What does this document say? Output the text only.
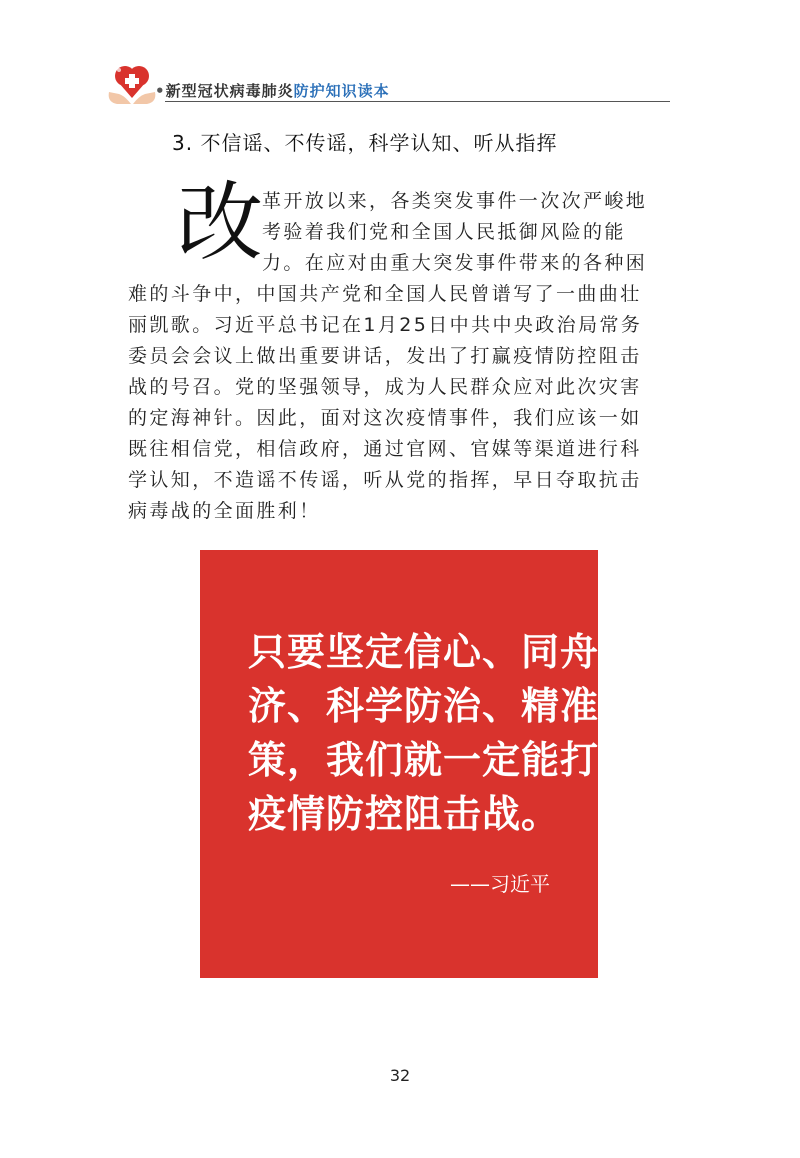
•新型冠状病毒肺炎防护知识读本
3. 不信谣、不传谣，科学认知、听从指挥
改 革开放以来，各类突发事件一次次严峻地
考验着我们党和全国人民抵御风险的能
力。在应对由重大突发事件带来的各种困
难的斗争中，中国共产党和全国人民曾谱写了一曲曲壮
丽凯歌。习近平总书记在1月25日中共中央政治局常务
委员会会议上做出重要讲话，发出了打赢疫情防控阻击
战的号召。党的坚强领导，成为人民群众应对此次灾害
的定海神针。因此，面对这次疫情事件，我们应该一如
既往相信党，相信政府，通过官网、官媒等渠道进行科
学认知，不造谣不传谣，听从党的指挥，早日夺取抗击
病毒战的全面胜利！
只要坚定信心、同舟共
济、科学防治、精准施
策，我们就一定能打赢
疫情防控阻击战。
——习近平
32
